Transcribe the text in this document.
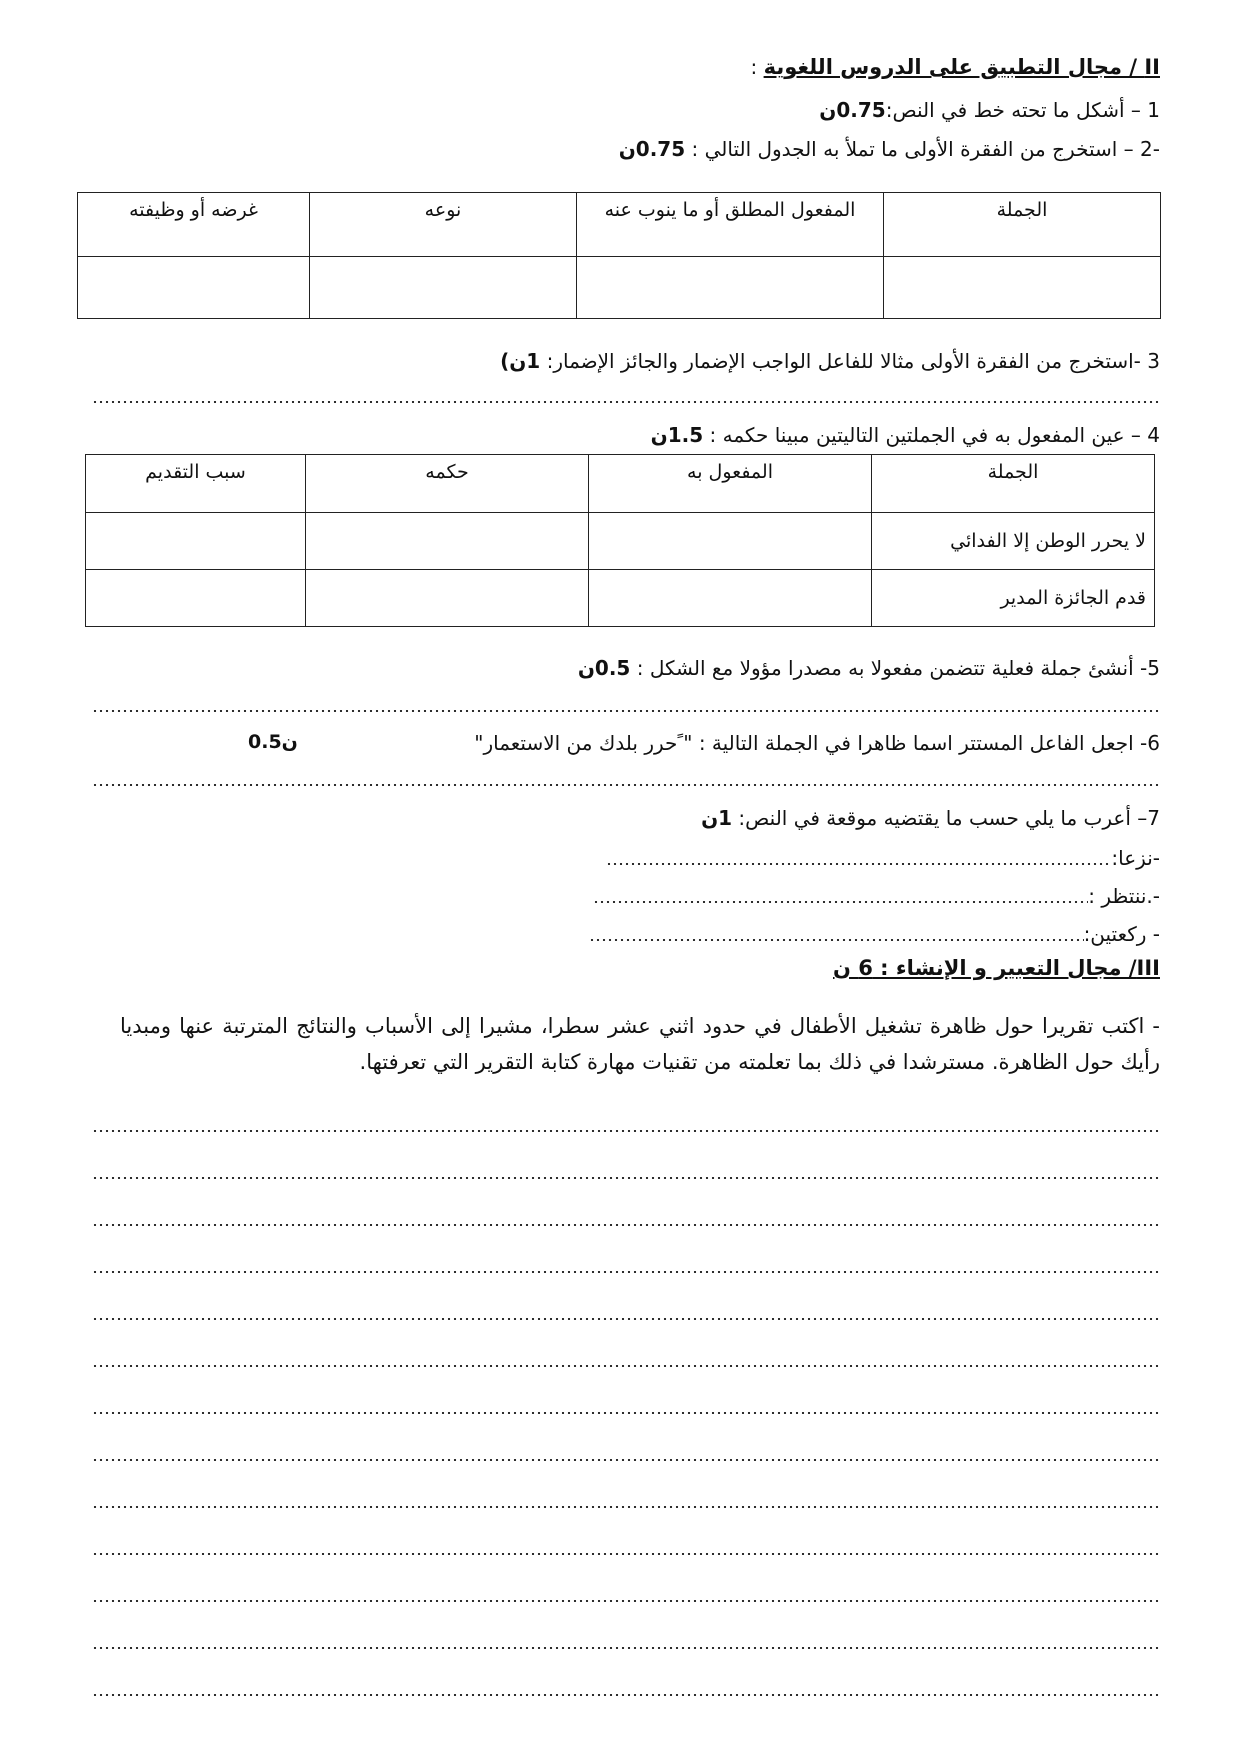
II / مجال التطبيق على الدروس اللغوية :
1 – أشكل ما تحته خط في النص:0.75ن
-2 – استخرج من الفقرة الأولى ما تملأ به الجدول التالي : 0.75ن
الجملة	المفعول المطلق أو ما ينوب عنه	نوعه	غرضه أو وظيفته

3 -استخرج من الفقرة الأولى مثالا للفاعل الواجب الإضمار والجائز الإضمار: 1ن)
4 – عين المفعول به في الجملتين التاليتين مبينا حكمه : 1.5ن
الجملة	المفعول به	حكمه	سبب التقديم
لا يحرر الوطن إلا الفدائي			
قدم الجائزة المدير			
5- أنشئ جملة فعلية تتضمن مفعولا به مصدرا مؤولا مع الشكل : 0.5ن
6- اجعل الفاعل المستتر اسما ظاهرا في الجملة التالية : " ًحرر بلدك من الاستعمار"
0.5ن
7– أعرب ما يلي حسب ما يقتضيه موقعة في النص: 1ن
-نزعا:
-.ننتظر :
- ركعتين:
III/ مجال التعبير و الإنشاء : 6 ن
- اكتب تقريرا حول ظاهرة تشغيل الأطفال في حدود اثني عشر سطرا، مشيرا إلى الأسباب والنتائج المترتبة عنها ومبديا رأيك حول الظاهرة. مسترشدا في ذلك بما تعلمته من تقنيات مهارة كتابة التقرير التي تعرفتها.
